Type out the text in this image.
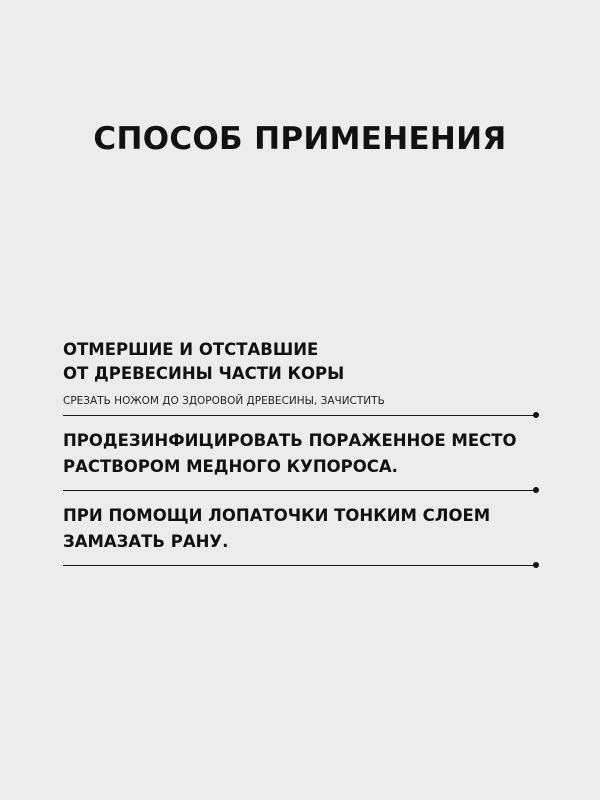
СПОСОБ ПРИМЕНЕНИЯ
ОТМЕРШИЕ И ОТСТАВШИЕ
ОТ ДРЕВЕСИНЫ ЧАСТИ КОРЫ
СРЕЗАТЬ НОЖОМ ДО ЗДОРОВОЙ ДРЕВЕСИНЫ, ЗАЧИСТИТЬ
ПРОДЕЗИНФИЦИРОВАТЬ ПОРАЖЕННОЕ МЕСТО
РАСТВОРОМ МЕДНОГО КУПОРОСА.
ПРИ ПОМОЩИ ЛОПАТОЧКИ ТОНКИМ СЛОЕМ
ЗАМАЗАТЬ РАНУ.
